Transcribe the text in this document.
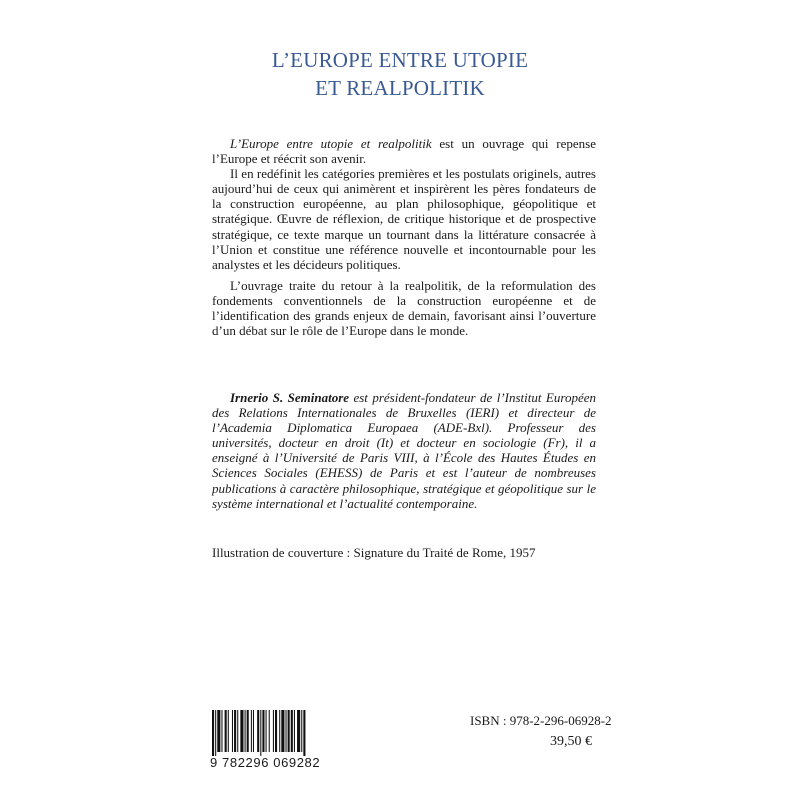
L’EUROPE ENTRE UTOPIE
ET REALPOLITIK

L’Europe entre utopie et realpolitik est un ouvrage qui repense l’Europe et réécrit son avenir.

Il en redéfinit les catégories premières et les postulats originels, autres aujourd’hui de ceux qui animèrent et inspirèrent les pères fondateurs de la construction européenne, au plan philosophique, géopolitique et stratégique. Œuvre de réflexion, de critique historique et de prospective stratégique, ce texte marque un tournant dans la littérature consacrée à l’Union et constitue une référence nouvelle et incontournable pour les analystes et les décideurs politiques.

L’ouvrage traite du retour à la realpolitik, de la reformulation des fondements conventionnels de la construction européenne et de l’identification des grands enjeux de demain, favorisant ainsi l’ouverture d’un débat sur le rôle de l’Europe dans le monde.

Irnerio S. Seminatore est président-fondateur de l’Institut Européen des Relations Internationales de Bruxelles (IERI) et directeur de l’Academia Diplomatica Europaea (ADE-Bxl). Professeur des universités, docteur en droit (It) et docteur en sociologie (Fr), il a enseigné à l’Université de Paris VIII, à l’École des Hautes Études en Sciences Sociales (EHESS) de Paris et est l’auteur de nombreuses publications à caractère philosophique, stratégique et géopolitique sur le système international et l’actualité contemporaine.

Illustration de couverture : Signature du Traité de Rome, 1957
9 782296 069282
ISBN : 978-2-296-06928-2
39,50 €
